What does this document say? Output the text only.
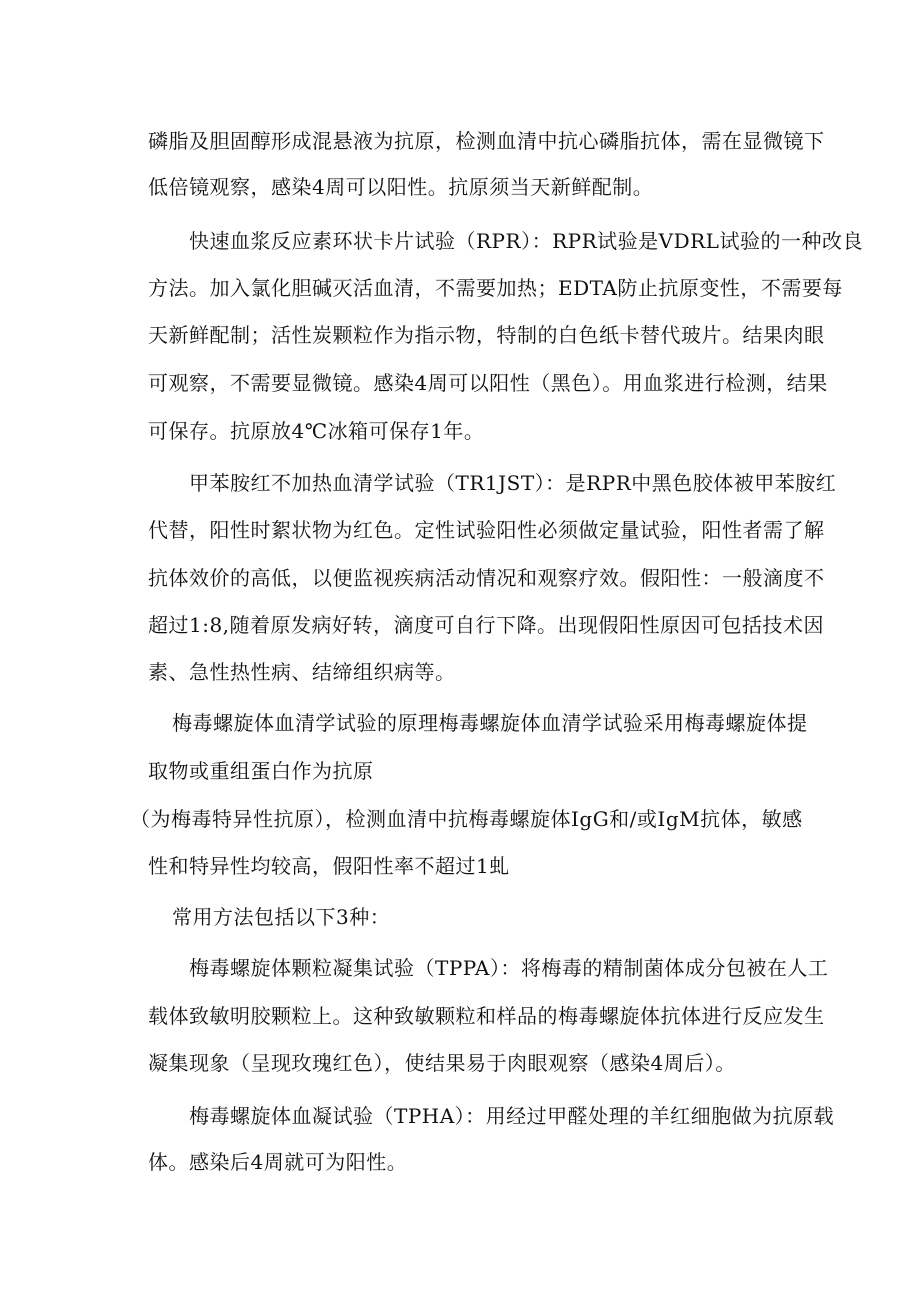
磷脂及胆固醇形成混悬液为抗原，检测血清中抗心磷脂抗体，需在显微镜下
低倍镜观察，感染4周可以阳性。抗原须当天新鲜配制。
快速血浆反应素环状卡片试验（RPR）：RPR试验是VDRL试验的一种改良
方法。加入氯化胆碱灭活血清，不需要加热；EDTA防止抗原变性，不需要每
天新鲜配制；活性炭颗粒作为指示物，特制的白色纸卡替代玻片。结果肉眼
可观察，不需要显微镜。感染4周可以阳性（黑色）。用血浆进行检测，结果
可保存。抗原放4℃冰箱可保存1年。
甲苯胺红不加热血清学试验（TR1JST）：是RPR中黑色胶体被甲苯胺红
代替，阳性时絮状物为红色。定性试验阳性必须做定量试验，阳性者需了解
抗体效价的高低，以便监视疾病活动情况和观察疗效。假阳性：一般滴度不
超过1:8,随着原发病好转，滴度可自行下降。出现假阳性原因可包括技术因
素、急性热性病、结缔组织病等。
梅毒螺旋体血清学试验的原理梅毒螺旋体血清学试验采用梅毒螺旋体提
取物或重组蛋白作为抗原
（为梅毒特异性抗原），检测血清中抗梅毒螺旋体IgG和/或IgM抗体，敏感
性和特异性均较高，假阳性率不超过1虬
常用方法包括以下3种：
梅毒螺旋体颗粒凝集试验（TPPA）：将梅毒的精制菌体成分包被在人工
载体致敏明胶颗粒上。这种致敏颗粒和样品的梅毒螺旋体抗体进行反应发生
凝集现象（呈现玫瑰红色），使结果易于肉眼观察（感染4周后）。
梅毒螺旋体血凝试验（TPHA）：用经过甲醛处理的羊红细胞做为抗原载
体。感染后4周就可为阳性。
